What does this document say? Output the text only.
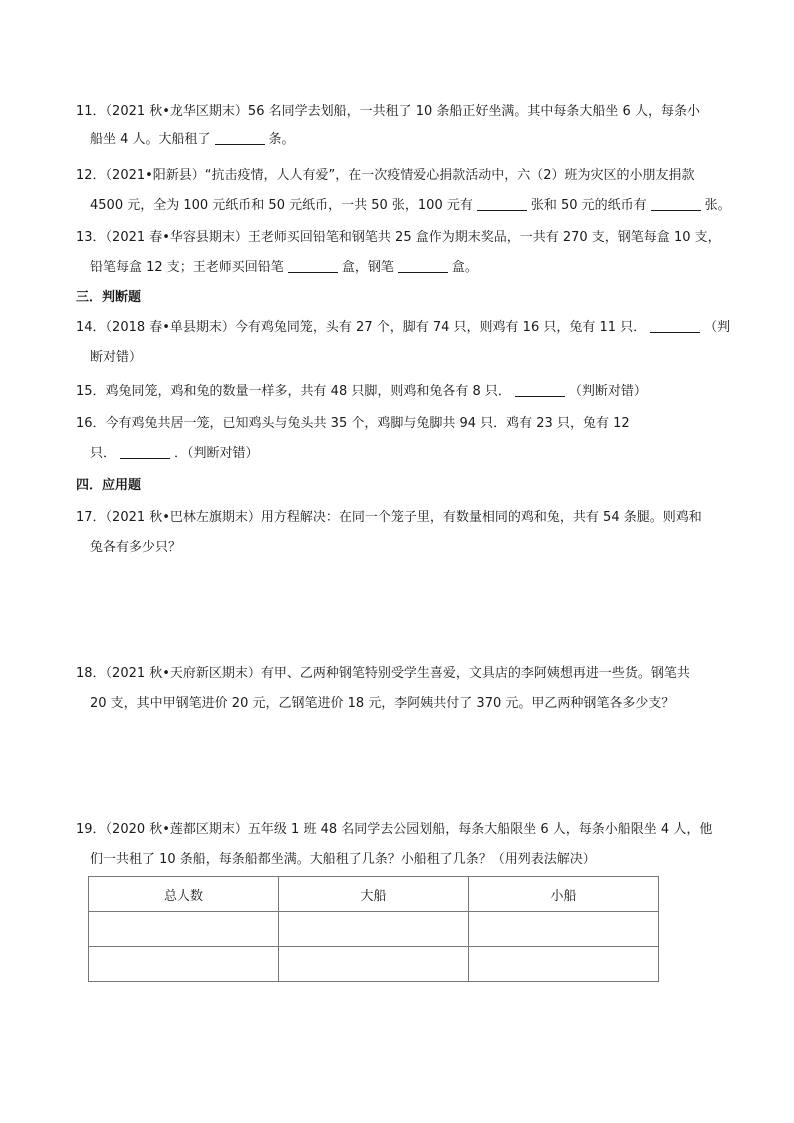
11．（2021 秋•龙华区期末）56 名同学去划船，一共租了 10 条船正好坐满。其中每条大船坐 6 人，每条小
船坐 4 人。大船租了	条。
12．（2021•阳新县）“抗击疫情，人人有爱”，在一次疫情爱心捐款活动中，六（2）班为灾区的小朋友捐款
4500 元，全为 100 元纸币和 50 元纸币，一共 50 张，100 元有	张和 50 元的纸币有	张。
13．（2021 春•华容县期末）王老师买回铅笔和钢笔共 25 盒作为期末奖品，一共有 270 支，钢笔每盒 10 支，
铅笔每盒 12 支；王老师买回铅笔	盒，钢笔	盒。
三．判断题
14．（2018 春•单县期末）今有鸡兔同笼，头有 27 个，脚有 74 只，则鸡有 16 只，兔有 11 只．	（判
断对错）
15．鸡兔同笼，鸡和兔的数量一样多，共有 48 只脚，则鸡和兔各有 8 只．	（判断对错）
16．今有鸡兔共居一笼，已知鸡头与兔头共 35 个，鸡脚与兔脚共 94 只．鸡有 23 只，兔有 12
只．	．（判断对错）
四．应用题
17．（2021 秋•巴林左旗期末）用方程解决：在同一个笼子里，有数量相同的鸡和兔，共有 54 条腿。则鸡和
兔各有多少只？
18．（2021 秋•天府新区期末）有甲、乙两种钢笔特别受学生喜爱，文具店的李阿姨想再进一些货。钢笔共
20 支，其中甲钢笔进价 20 元，乙钢笔进价 18 元，李阿姨共付了 370 元。甲乙两种钢笔各多少支？
19．（2020 秋•莲都区期末）五年级 1 班 48 名同学去公园划船，每条大船限坐 6 人，每条小船限坐 4 人，他
们一共租了 10 条船，每条船都坐满。大船租了几条？小船租了几条？（用列表法解决）
总人数	大船	小船
